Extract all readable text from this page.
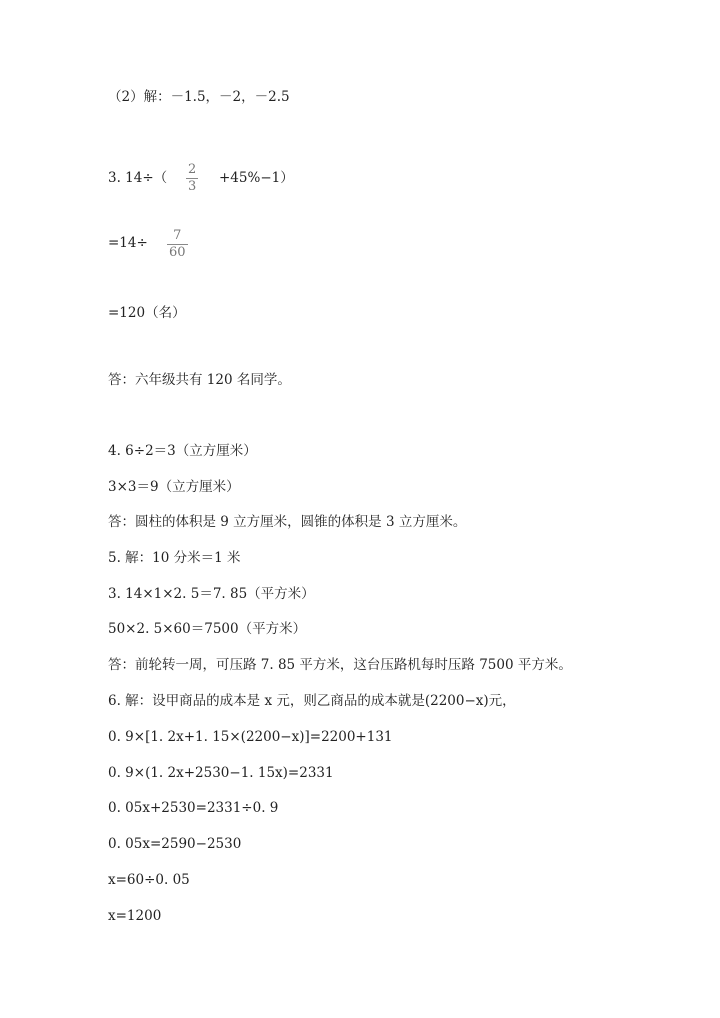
（2）解：－1.5，－2，－2.5
3. 14÷（
2
3
+45%−1）
=14÷ 7
60
=120（名）
答：六年级共有 120 名同学。
4. 6÷2＝3（立方厘米）
3×3＝9（立方厘米）
答：圆柱的体积是 9 立方厘米，圆锥的体积是 3 立方厘米。
5. 解：10 分米＝1 米
3. 14×1×2. 5＝7. 85（平方米）
50×2. 5×60＝7500（平方米）
答：前轮转一周，可压路 7. 85 平方米，这台压路机每时压路 7500 平方米。
6. 解：设甲商品的成本是 x 元，则乙商品的成本就是(2200−x)元，
0. 9×[1. 2x+1. 15×(2200−x)]=2200+131
0. 9×(1. 2x+2530−1. 15x)=2331
0. 05x+2530=2331÷0. 9
0. 05x=2590−2530
x=60÷0. 05
x=1200
